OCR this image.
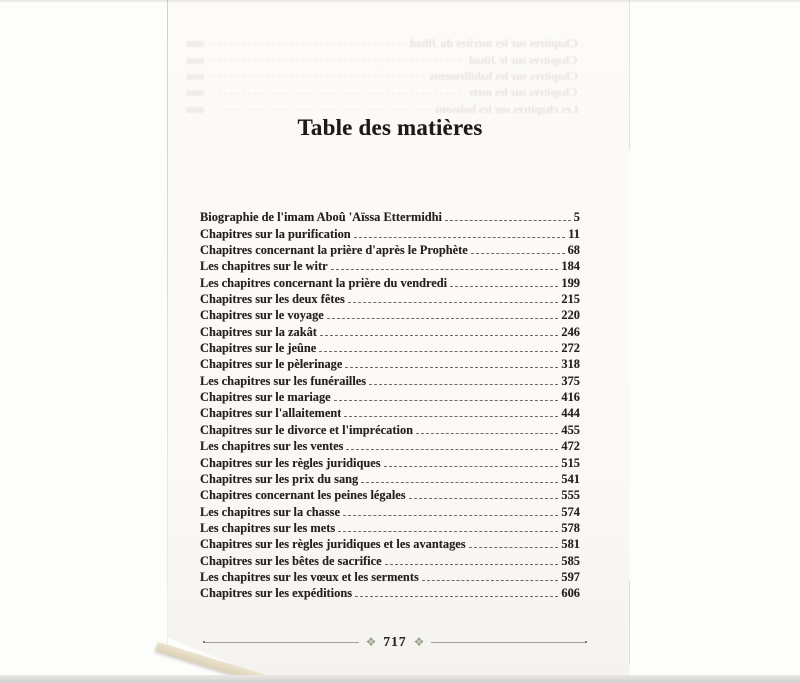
Chapitres sur les mérites du Jihad
Chapitres sur le Jihad
Chapitres sur les habillements
Chapitres sur les mets
Les chapitres sur les boissons
Table des matières
Biographie de l'imam Aboû 'Aïssa Ettermidhi	5
Chapitres sur la purification	11
Chapitres concernant la prière d'après le Prophète	68
Les chapitres sur le witr	184
Les chapitres concernant la prière du vendredi	199
Chapitres sur les deux fêtes	215
Chapitres sur le voyage	220
Chapitres sur la zakât	246
Chapitres sur le jeûne	272
Chapitres sur le pèlerinage	318
Les chapitres sur les funérailles	375
Chapitres sur le mariage	416
Chapitres sur l'allaitement	444
Chapitres sur le divorce et l'imprécation	455
Les chapitres sur les ventes	472
Chapitres sur les règles juridiques	515
Chapitres sur les prix du sang	541
Chapitres concernant les peines légales	555
Les chapitres sur la chasse	574
Les chapitres sur les mets	578
Chapitres sur les règles juridiques et les avantages	581
Chapitres sur les bêtes de sacrifice	585
Les chapitres sur les vœux et les serments	597
Chapitres sur les expéditions	606
❖ 717 ❖
